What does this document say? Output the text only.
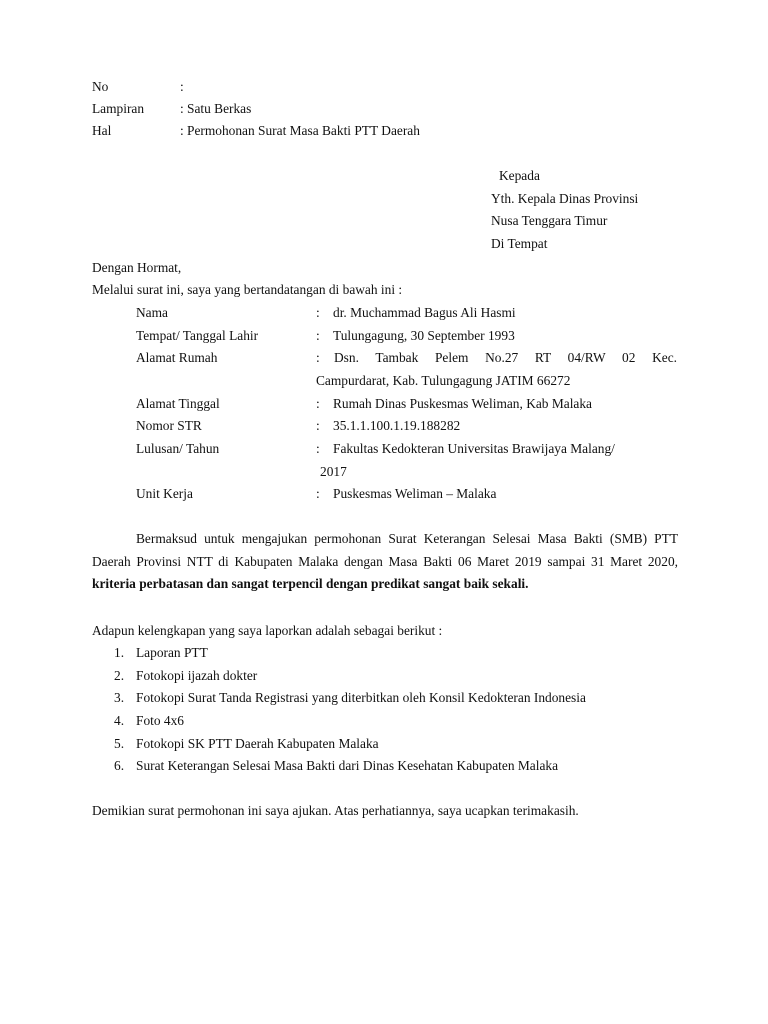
No	:
Lampiran	: Satu Berkas
Hal	: Permohonan Surat Masa Bakti PTT Daerah
Kepada
Yth. Kepala Dinas Provinsi
Nusa Tenggara Timur
Di Tempat
Dengan Hormat,
Melalui surat ini, saya yang bertandatangan di bawah ini :
Nama	: dr. Muchammad Bagus Ali Hasmi
Tempat/ Tanggal Lahir	: Tulungagung, 30 September 1993
Alamat Rumah	: Dsn. Tambak Pelem No.27 RT 04/RW 02 Kec.
Campurdarat, Kab. Tulungagung JATIM 66272
Alamat Tinggal	: Rumah Dinas Puskesmas Weliman, Kab Malaka
Nomor STR	: 35.1.1.100.1.19.188282
Lulusan/ Tahun	: Fakultas Kedokteran Universitas Brawijaya Malang/
2017
Unit Kerja	: Puskesmas Weliman – Malaka
Bermaksud untuk mengajukan permohonan Surat Keterangan Selesai Masa Bakti (SMB) PTT Daerah Provinsi NTT di Kabupaten Malaka dengan Masa Bakti 06 Maret 2019 sampai 31 Maret 2020, kriteria perbatasan dan sangat terpencil dengan predikat sangat baik sekali.
Adapun kelengkapan yang saya laporkan adalah sebagai berikut :
1. Laporan PTT
2. Fotokopi ijazah dokter
3. Fotokopi Surat Tanda Registrasi yang diterbitkan oleh Konsil Kedokteran Indonesia
4. Foto 4x6
5. Fotokopi SK PTT Daerah Kabupaten Malaka
6. Surat Keterangan Selesai Masa Bakti dari Dinas Kesehatan Kabupaten Malaka
Demikian surat permohonan ini saya ajukan. Atas perhatiannya, saya ucapkan terimakasih.
